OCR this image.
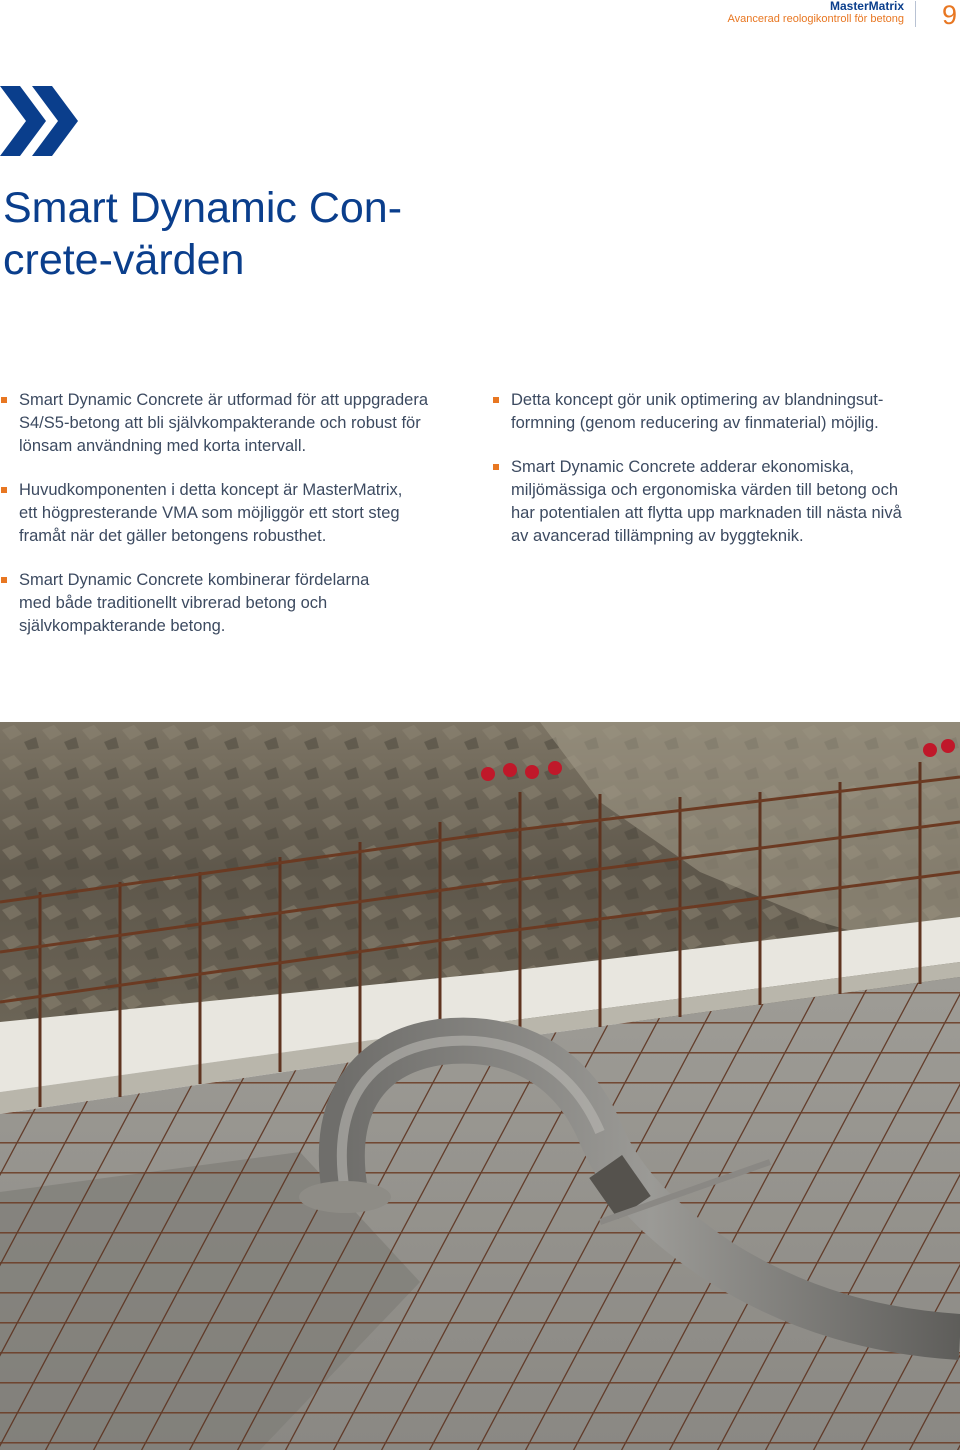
MasterMatrix
Avancerad reologikontroll för betong 9
Smart Dynamic Con-
crete-värden
Smart Dynamic Concrete är utformad för att uppgradera
S4/S5-betong att bli självkompakterande och robust för
lönsam användning med korta intervall.
Huvudkomponenten i detta koncept är MasterMatrix,
ett högpresterande VMA som möjliggör ett stort steg
framåt när det gäller betongens robusthet.
Smart Dynamic Concrete kombinerar fördelarna
med både traditionellt vibrerad betong och
självkompakterande betong.
Detta koncept gör unik optimering av blandningsut-
formning (genom reducering av finmaterial) möjlig.
Smart Dynamic Concrete adderar ekonomiska,
miljömässiga och ergonomiska värden till betong och
har potentialen att flytta upp marknaden till nästa nivå
av avancerad tillämpning av byggteknik.
